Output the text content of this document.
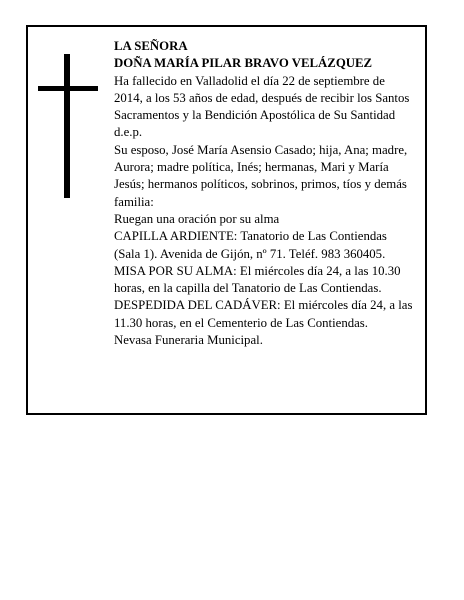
LA SEÑORA

DOÑA MARÍA PILAR BRAVO VELÁZQUEZ

Ha fallecido en Valladolid el día 22 de septiembre de 2014, a los 53 años de edad, después de recibir los Santos Sacramentos y la Bendición Apostólica de Su Santidad

d.e.p.

Su esposo, José María Asensio Casado; hija, Ana; madre, Aurora; madre política, Inés; hermanas, Mari y María Jesús; hermanos políticos, sobrinos, primos, tíos y demás familia:

Ruegan una oración por su alma

CAPILLA ARDIENTE: Tanatorio de Las Contiendas (Sala 1). Avenida de Gijón, nº 71. Teléf. 983 360405.

MISA POR SU ALMA: El miércoles día 24, a las 10.30 horas, en la capilla del Tanatorio de Las Contiendas.

DESPEDIDA DEL CADÁVER: El miércoles día 24, a las 11.30 horas, en el Cementerio de Las Contiendas.

Nevasa Funeraria Municipal.
